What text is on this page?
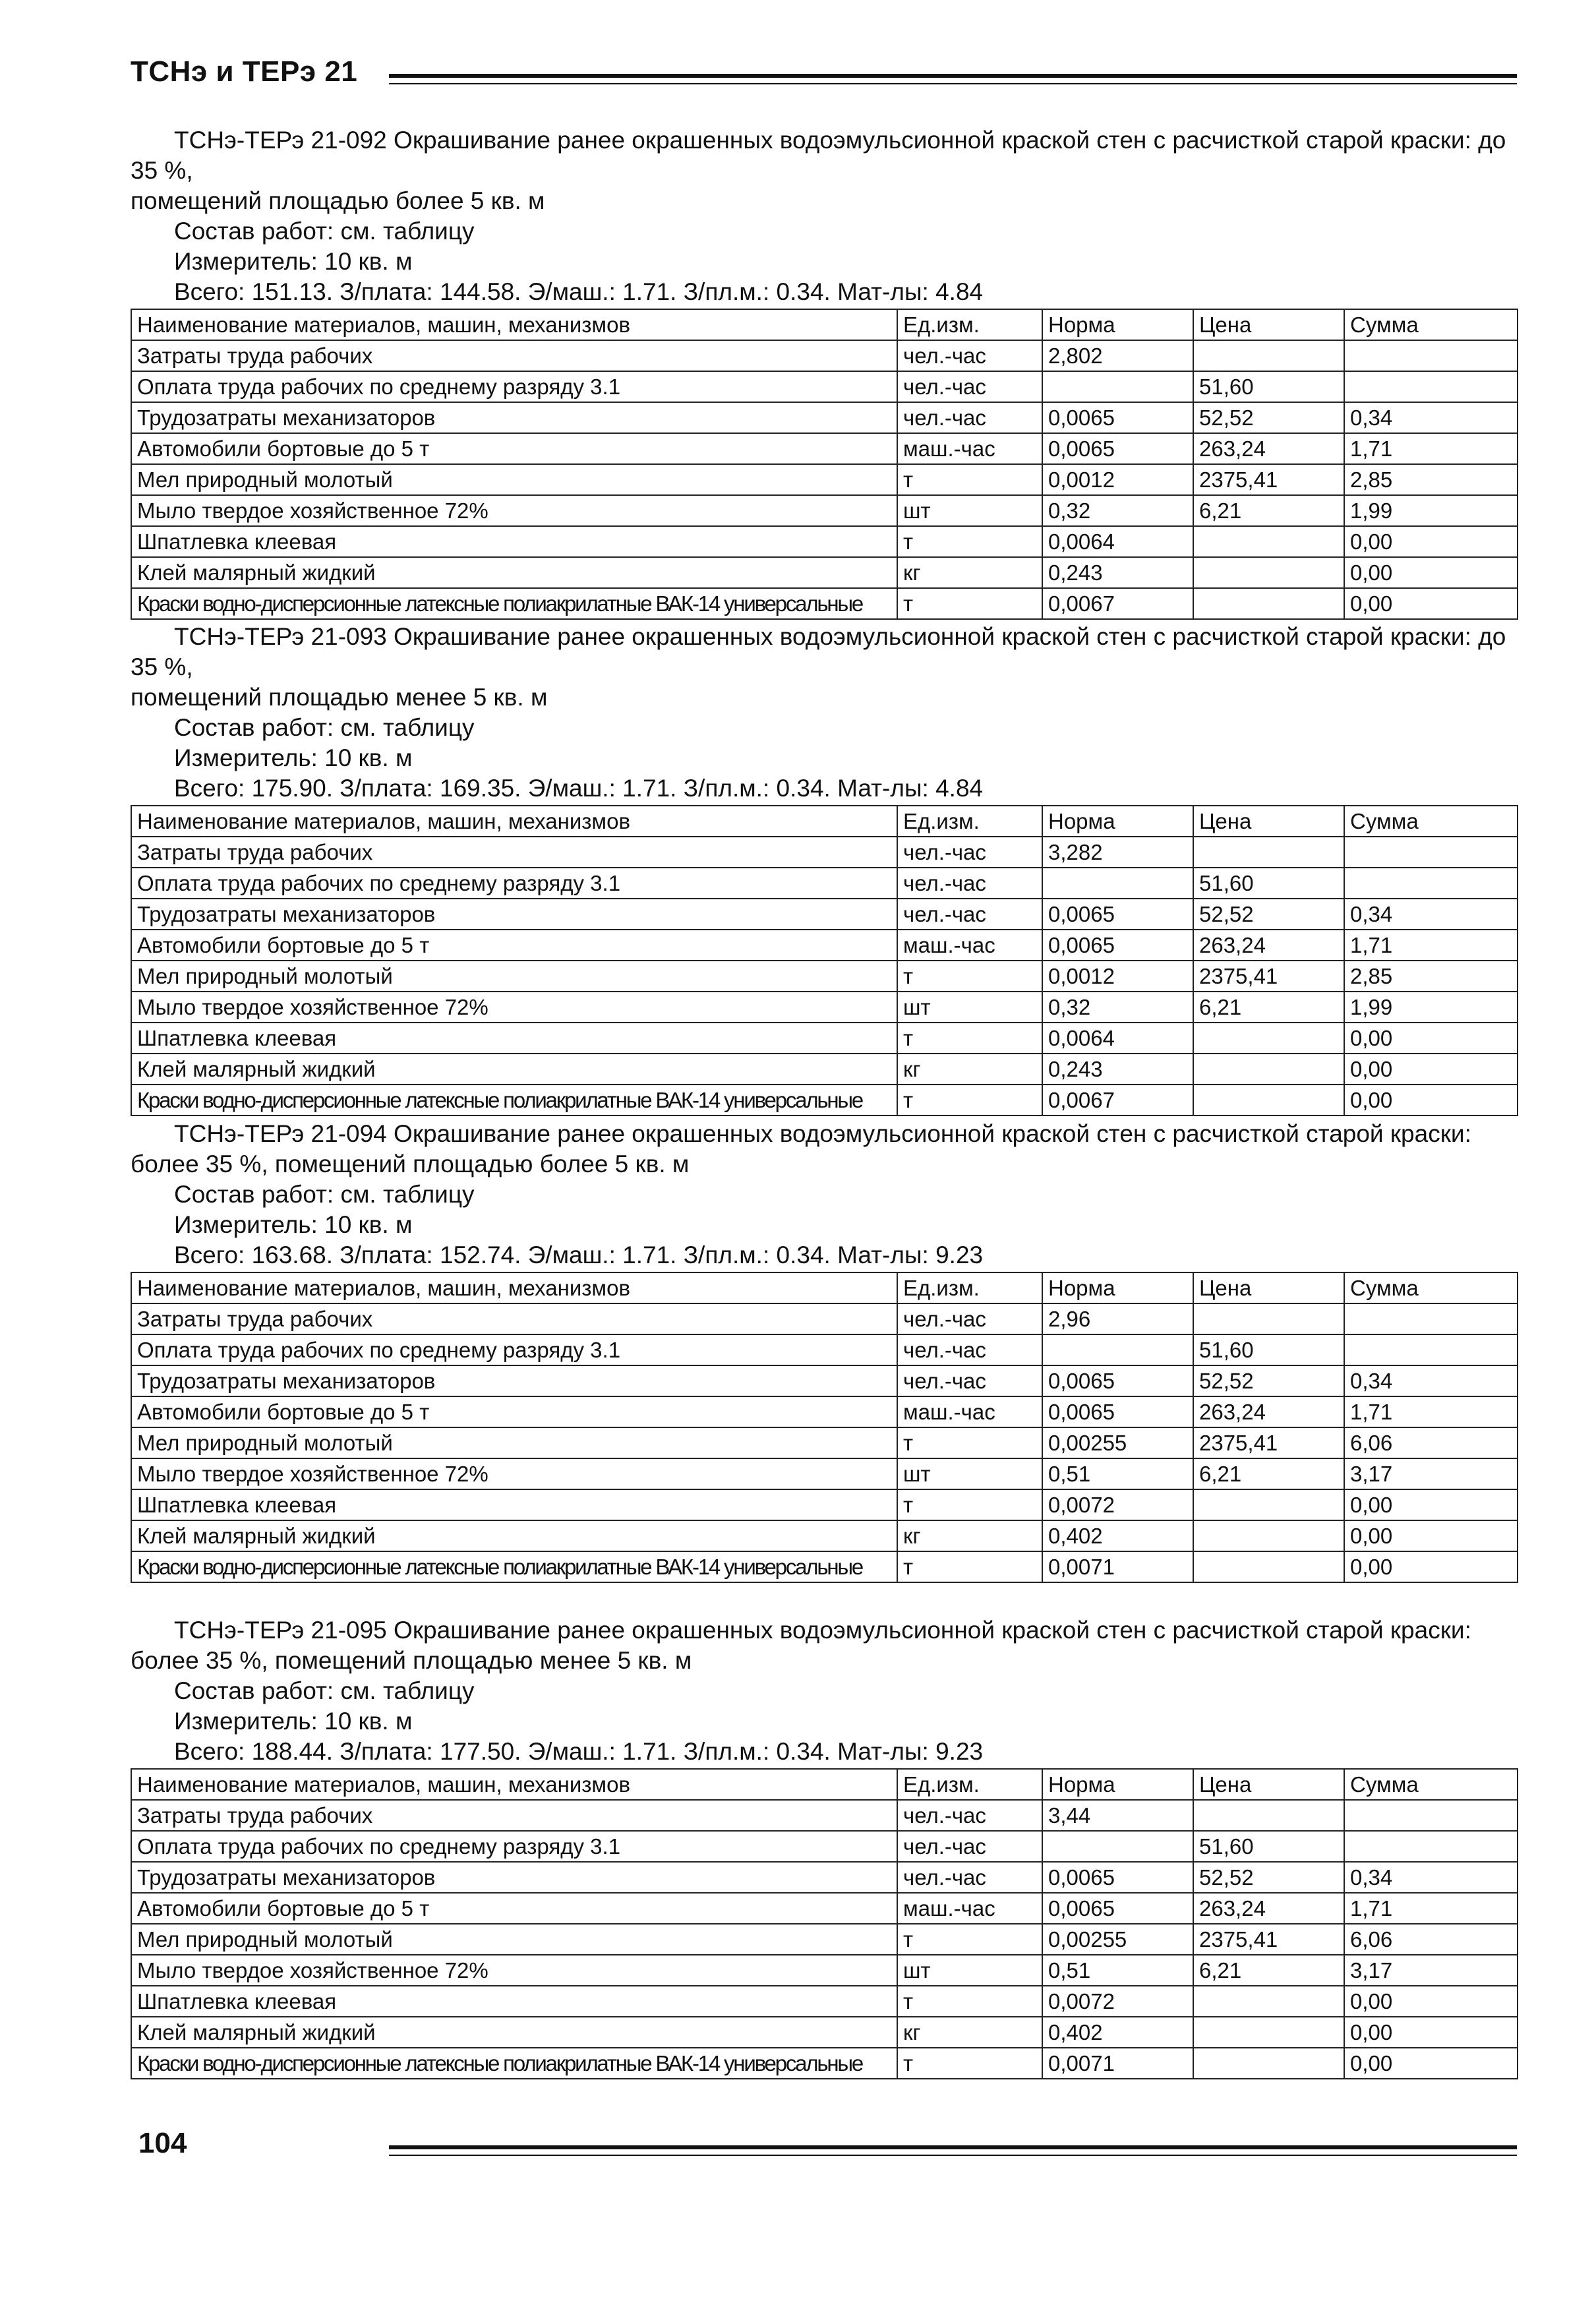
ТСНэ и ТЕРэ 21

ТСНэ-ТЕРэ 21-092 Окрашивание ранее окрашенных водоэмульсионной краской стен с расчисткой старой краски: до 35 %,
помещений площадью более 5 кв. м

Состав работ: см. таблицу

Измеритель: 10 кв. м

Всего: 151.13. З/плата: 144.58. Э/маш.: 1.71. З/пл.м.: 0.34. Мат-лы: 4.84

Наименование материалов, машин, механизмов	Ед.изм.	Норма	Цена	Сумма
Затраты труда рабочих	чел.-час	2,802		
Оплата труда рабочих по среднему разряду 3.1	чел.-час		51,60	
Трудозатраты механизаторов	чел.-час	0,0065	52,52	0,34
Автомобили бортовые до 5 т	маш.-час	0,0065	263,24	1,71
Мел природный молотый	т	0,0012	2375,41	2,85
Мыло твердое хозяйственное 72%	шт	0,32	6,21	1,99
Шпатлевка клеевая	т	0,0064		0,00
Клей малярный жидкий	кг	0,243		0,00
Краски водно-дисперсионные латексные полиакрилатные ВАК-14 универсальные	т	0,0067		0,00

ТСНэ-ТЕРэ 21-093 Окрашивание ранее окрашенных водоэмульсионной краской стен с расчисткой старой краски: до 35 %,
помещений площадью менее 5 кв. м

Состав работ: см. таблицу

Измеритель: 10 кв. м

Всего: 175.90. З/плата: 169.35. Э/маш.: 1.71. З/пл.м.: 0.34. Мат-лы: 4.84

Наименование материалов, машин, механизмов	Ед.изм.	Норма	Цена	Сумма
Затраты труда рабочих	чел.-час	3,282		
Оплата труда рабочих по среднему разряду 3.1	чел.-час		51,60	
Трудозатраты механизаторов	чел.-час	0,0065	52,52	0,34
Автомобили бортовые до 5 т	маш.-час	0,0065	263,24	1,71
Мел природный молотый	т	0,0012	2375,41	2,85
Мыло твердое хозяйственное 72%	шт	0,32	6,21	1,99
Шпатлевка клеевая	т	0,0064		0,00
Клей малярный жидкий	кг	0,243		0,00
Краски водно-дисперсионные латексные полиакрилатные ВАК-14 универсальные	т	0,0067		0,00

ТСНэ-ТЕРэ 21-094 Окрашивание ранее окрашенных водоэмульсионной краской стен с расчисткой старой краски:
более 35 %, помещений площадью более 5 кв. м

Состав работ: см. таблицу

Измеритель: 10 кв. м

Всего: 163.68. З/плата: 152.74. Э/маш.: 1.71. З/пл.м.: 0.34. Мат-лы: 9.23

Наименование материалов, машин, механизмов	Ед.изм.	Норма	Цена	Сумма
Затраты труда рабочих	чел.-час	2,96		
Оплата труда рабочих по среднему разряду 3.1	чел.-час		51,60	
Трудозатраты механизаторов	чел.-час	0,0065	52,52	0,34
Автомобили бортовые до 5 т	маш.-час	0,0065	263,24	1,71
Мел природный молотый	т	0,00255	2375,41	6,06
Мыло твердое хозяйственное 72%	шт	0,51	6,21	3,17
Шпатлевка клеевая	т	0,0072		0,00
Клей малярный жидкий	кг	0,402		0,00
Краски водно-дисперсионные латексные полиакрилатные ВАК-14 универсальные	т	0,0071		0,00

ТСНэ-ТЕРэ 21-095 Окрашивание ранее окрашенных водоэмульсионной краской стен с расчисткой старой краски:
более 35 %, помещений площадью менее 5 кв. м

Состав работ: см. таблицу

Измеритель: 10 кв. м

Всего: 188.44. З/плата: 177.50. Э/маш.: 1.71. З/пл.м.: 0.34. Мат-лы: 9.23

Наименование материалов, машин, механизмов	Ед.изм.	Норма	Цена	Сумма
Затраты труда рабочих	чел.-час	3,44		
Оплата труда рабочих по среднему разряду 3.1	чел.-час		51,60	
Трудозатраты механизаторов	чел.-час	0,0065	52,52	0,34
Автомобили бортовые до 5 т	маш.-час	0,0065	263,24	1,71
Мел природный молотый	т	0,00255	2375,41	6,06
Мыло твердое хозяйственное 72%	шт	0,51	6,21	3,17
Шпатлевка клеевая	т	0,0072		0,00
Клей малярный жидкий	кг	0,402		0,00
Краски водно-дисперсионные латексные полиакрилатные ВАК-14 универсальные	т	0,0071		0,00
104
